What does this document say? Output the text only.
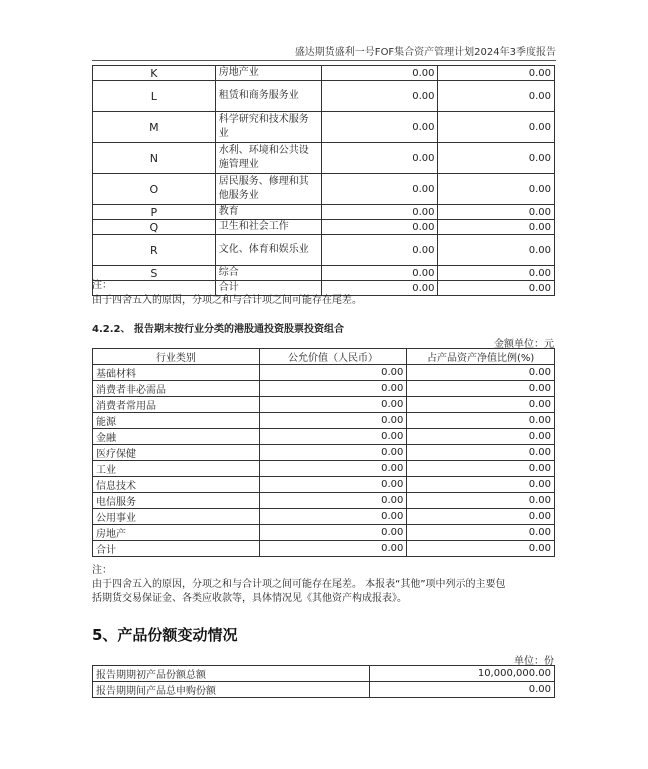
盛达期货盛利一号FOF集合资产管理计划2024年3季度报告
K	房地产业	0.00	0.00
L	租赁和商务服务业	0.00	0.00
M	科学研究和技术服务业	0.00	0.00
N	水利、环境和公共设施管理业	0.00	0.00
O	居民服务、修理和其他服务业	0.00	0.00
P	教育	0.00	0.00
Q	卫生和社会工作	0.00	0.00
R	文化、体育和娱乐业	0.00	0.00
S	综合	0.00	0.00
	合计	0.00	0.00
注：
由于四舍五入的原因，分项之和与合计项之间可能存在尾差。
4.2.2、 报告期末按行业分类的港股通投资股票投资组合
金额单位：元
行业类别	公允价值（人民币）	占产品资产净值比例(%)
基础材料	0.00	0.00
消费者非必需品	0.00	0.00
消费者常用品	0.00	0.00
能源	0.00	0.00
金融	0.00	0.00
医疗保健	0.00	0.00
工业	0.00	0.00
信息技术	0.00	0.00
电信服务	0.00	0.00
公用事业	0.00	0.00
房地产	0.00	0.00
合计	0.00	0.00
注：
由于四舍五入的原因，分项之和与合计项之间可能存在尾差。 本报表“其他”项中列示的主要包
括期货交易保证金、各类应收款等，具体情况见《其他资产构成报表》。
5、产品份额变动情况
单位：份
报告期期初产品份额总额	10,000,000.00
报告期期间产品总申购份额	0.00
